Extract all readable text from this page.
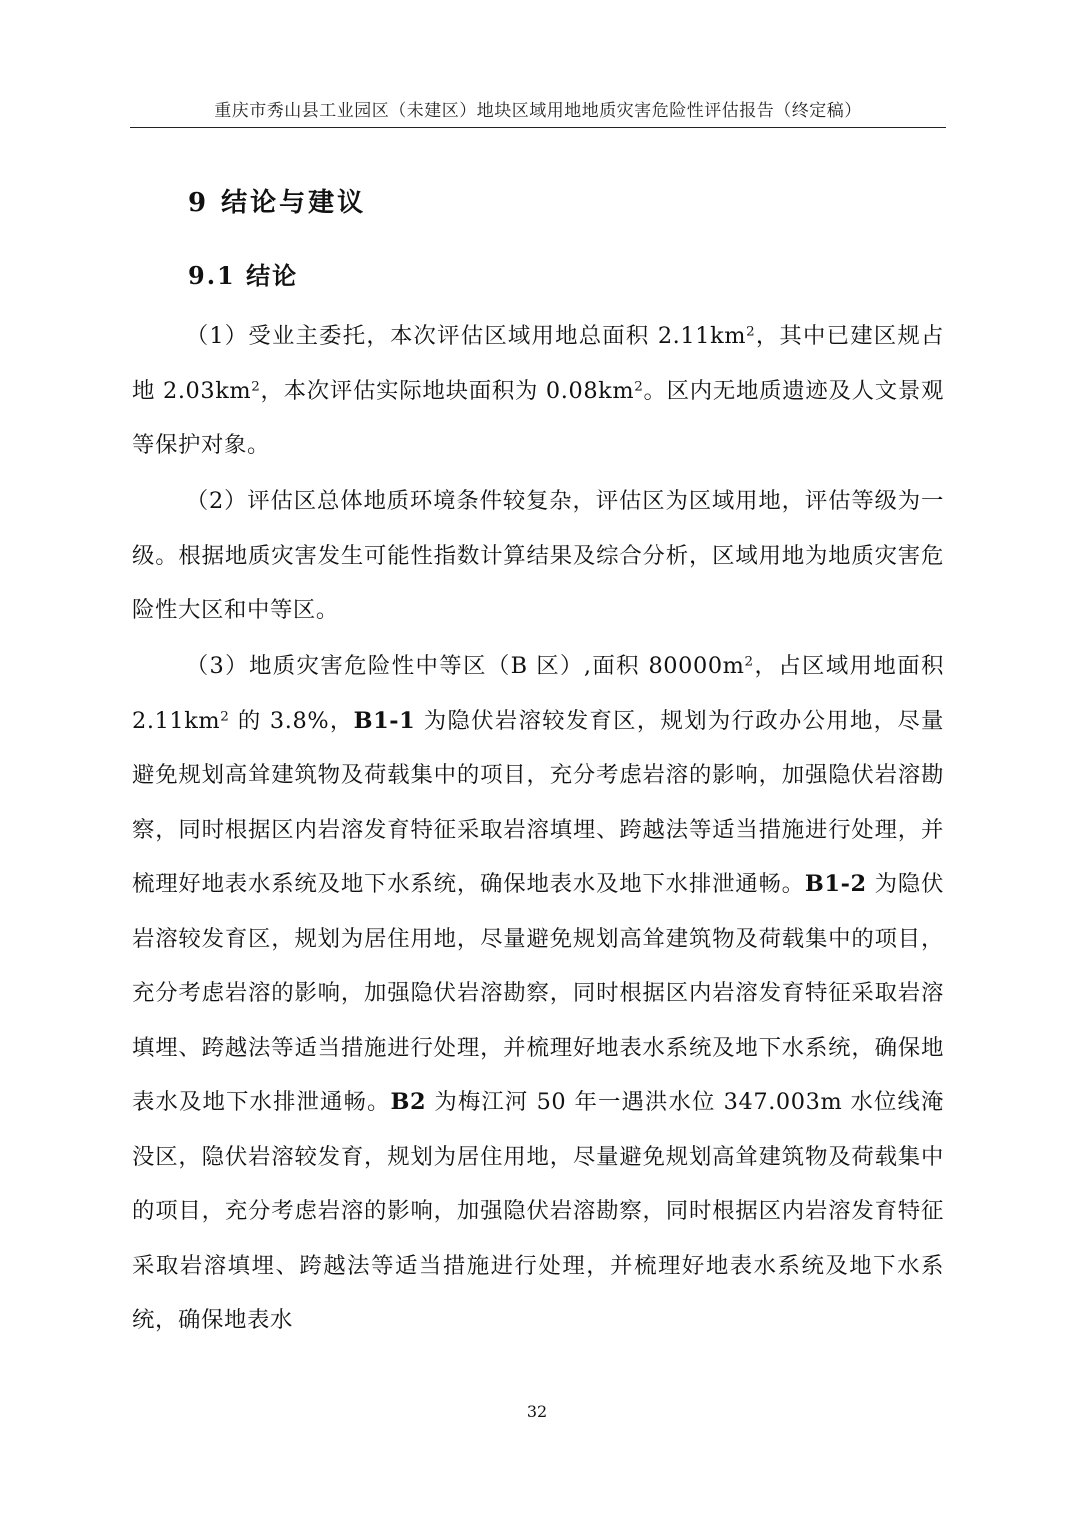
重庆市秀山县工业园区（未建区）地块区域用地地质灾害危险性评估报告（终定稿）
9 结论与建议
9.1 结论

（1）受业主委托，本次评估区域用地总面积 $2.11km^2$，其中已建区规占地 $2.03km^2$，本次评估实际地块面积为 $0.08km^2$。区内无地质遗迹及人文景观等保护对象。

（2）评估区总体地质环境条件较复杂，评估区为区域用地，评估等级为一级。根据地质灾害发生可能性指数计算结果及综合分析，区域用地为地质灾害危险性大区和中等区。

（3）地质灾害危险性中等区（B 区）,面积 $80000m^2$，占区域用地面积 $2.11km^2$ 的 3.8%，B1-1 为隐伏岩溶较发育区，规划为行政办公用地，尽量避免规划高耸建筑物及荷载集中的项目，充分考虑岩溶的影响，加强隐伏岩溶勘察，同时根据区内岩溶发育特征采取岩溶填埋、跨越法等适当措施进行处理，并梳理好地表水系统及地下水系统，确保地表水及地下水排泄通畅。B1-2 为隐伏岩溶较发育区，规划为居住用地，尽量避免规划高耸建筑物及荷载集中的项目，充分考虑岩溶的影响，加强隐伏岩溶勘察，同时根据区内岩溶发育特征采取岩溶填埋、跨越法等适当措施进行处理，并梳理好地表水系统及地下水系统，确保地表水及地下水排泄通畅。B2 为梅江河 50 年一遇洪水位 347.003m 水位线淹没区，隐伏岩溶较发育，规划为居住用地，尽量避免规划高耸建筑物及荷载集中的项目，充分考虑岩溶的影响，加强隐伏岩溶勘察，同时根据区内岩溶发育特征采取岩溶填埋、跨越法等适当措施进行处理，并梳理好地表水系统及地下水系统，确保地表水

32
